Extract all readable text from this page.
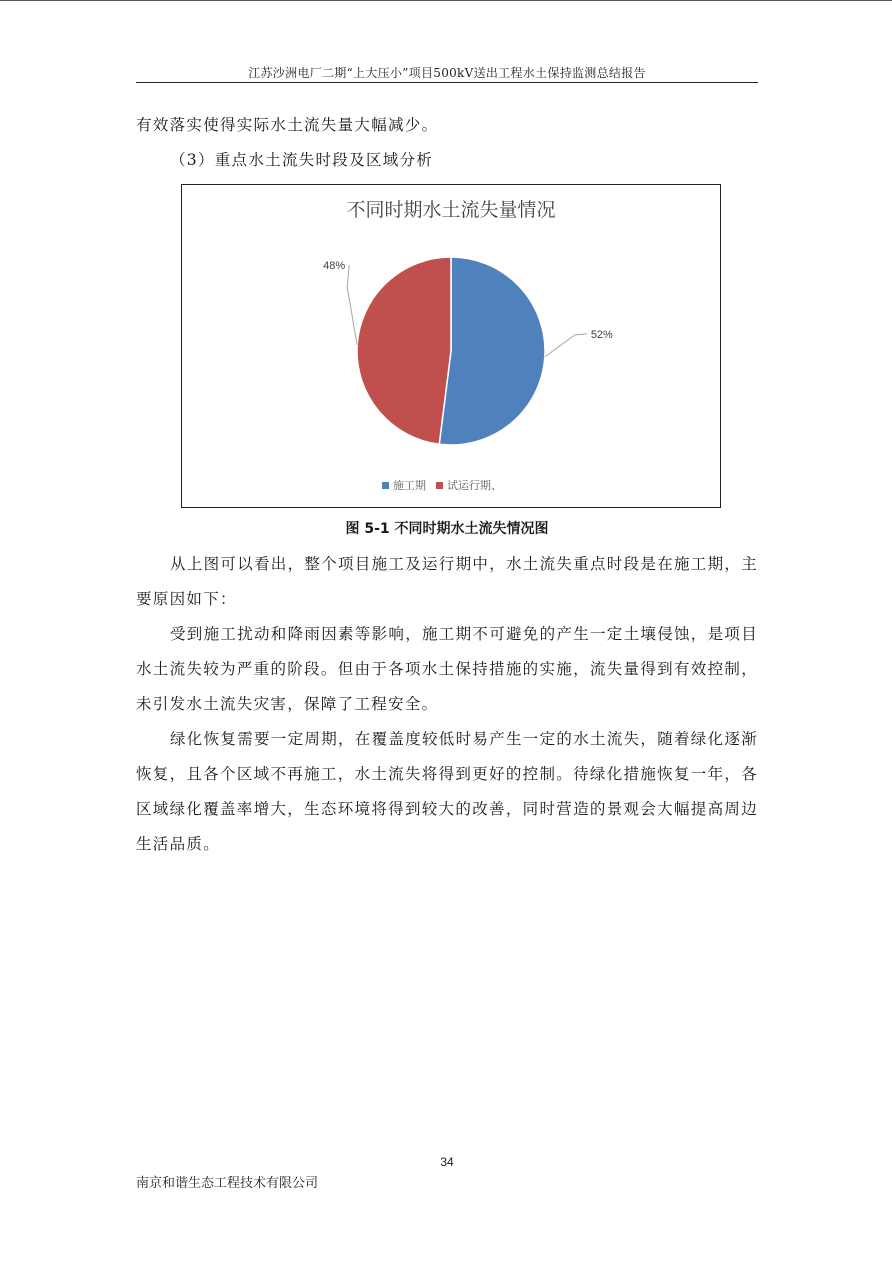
江苏沙洲电厂二期“上大压小”项目500kV送出工程水土保持监测总结报告

有效落实使得实际水土流失量大幅减少。

（3）重点水土流失时段及区域分析

不同时期水土流失量情况
52%
48%
施工期 试运行期、
图 5-1 不同时期水土流失情况图

从上图可以看出，整个项目施工及运行期中，水土流失重点时段是在施工期，主要原因如下：

受到施工扰动和降雨因素等影响，施工期不可避免的产生一定土壤侵蚀，是项目水土流失较为严重的阶段。但由于各项水土保持措施的实施，流失量得到有效控制，未引发水土流失灾害，保障了工程安全。

绿化恢复需要一定周期，在覆盖度较低时易产生一定的水土流失，随着绿化逐渐恢复，且各个区域不再施工，水土流失将得到更好的控制。待绿化措施恢复一年，各区域绿化覆盖率增大，生态环境将得到较大的改善，同时营造的景观会大幅提高周边生活品质。

34
南京和谐生态工程技术有限公司
